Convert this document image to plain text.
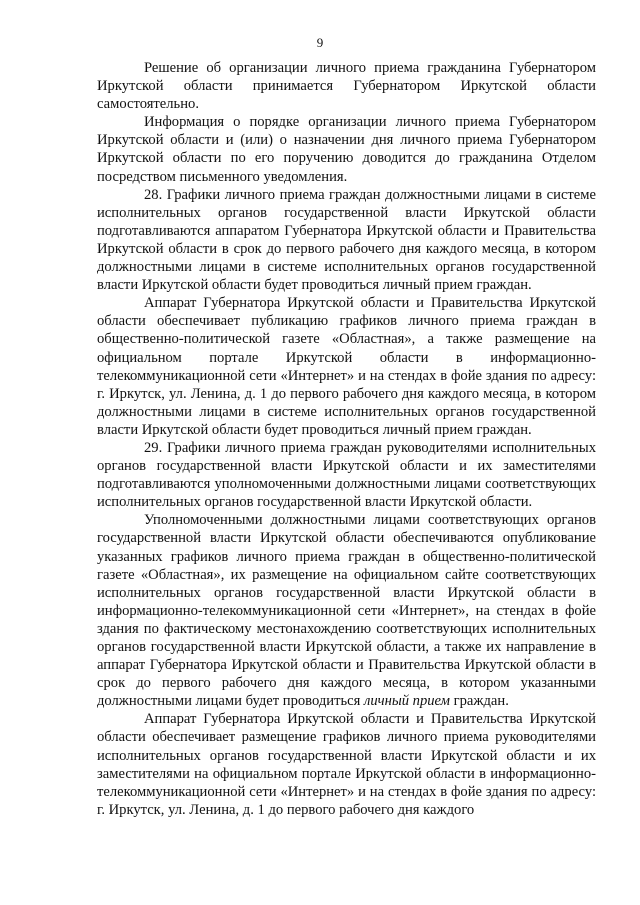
9

Решение об организации личного приема гражданина Губернатором Иркутской области принимается Губернатором Иркутской области самостоятельно.

Информация о порядке организации личного приема Губернатором Иркутской области и (или) о назначении дня личного приема Губернатором Иркутской области по его поручению доводится до гражданина Отделом посредством письменного уведомления.

28. Графики личного приема граждан должностными лицами в системе исполнительных органов государственной власти Иркутской области подготавливаются аппаратом Губернатора Иркутской области и Правительства Иркутской области в срок до первого рабочего дня каждого месяца, в котором должностными лицами в системе исполнительных органов государственной власти Иркутской области будет проводиться личный прием граждан.

Аппарат Губернатора Иркутской области и Правительства Иркутской области обеспечивает публикацию графиков личного приема граждан в общественно-политической газете «Областная», а также размещение на официальном портале Иркутской области в информационно-телекоммуникационной сети «Интернет» и на стендах в фойе здания по адресу: г. Иркутск, ул. Ленина, д. 1 до первого рабочего дня каждого месяца, в котором должностными лицами в системе исполнительных органов государственной власти Иркутской области будет проводиться личный прием граждан.

29. Графики личного приема граждан руководителями исполнительных органов государственной власти Иркутской области и их заместителями подготавливаются уполномоченными должностными лицами соответствующих исполнительных органов государственной власти Иркутской области.

Уполномоченными должностными лицами соответствующих органов государственной власти Иркутской области обеспечиваются опубликование указанных графиков личного приема граждан в общественно-политической газете «Областная», их размещение на официальном сайте соответствующих исполнительных органов государственной власти Иркутской области в информационно-телекоммуникационной сети «Интернет», на стендах в фойе здания по фактическому местонахождению соответствующих исполнительных органов государственной власти Иркутской области, а также их направление в аппарат Губернатора Иркутской области и Правительства Иркутской области в срок до первого рабочего дня каждого месяца, в котором указанными должностными лицами будет проводиться личный прием граждан.

Аппарат Губернатора Иркутской области и Правительства Иркутской области обеспечивает размещение графиков личного приема руководителями исполнительных органов государственной власти Иркутской области и их заместителями на официальном портале Иркутской области в информационно-телекоммуникационной сети «Интернет» и на стендах в фойе здания по адресу: г. Иркутск, ул. Ленина, д. 1 до первого рабочего дня каждого
